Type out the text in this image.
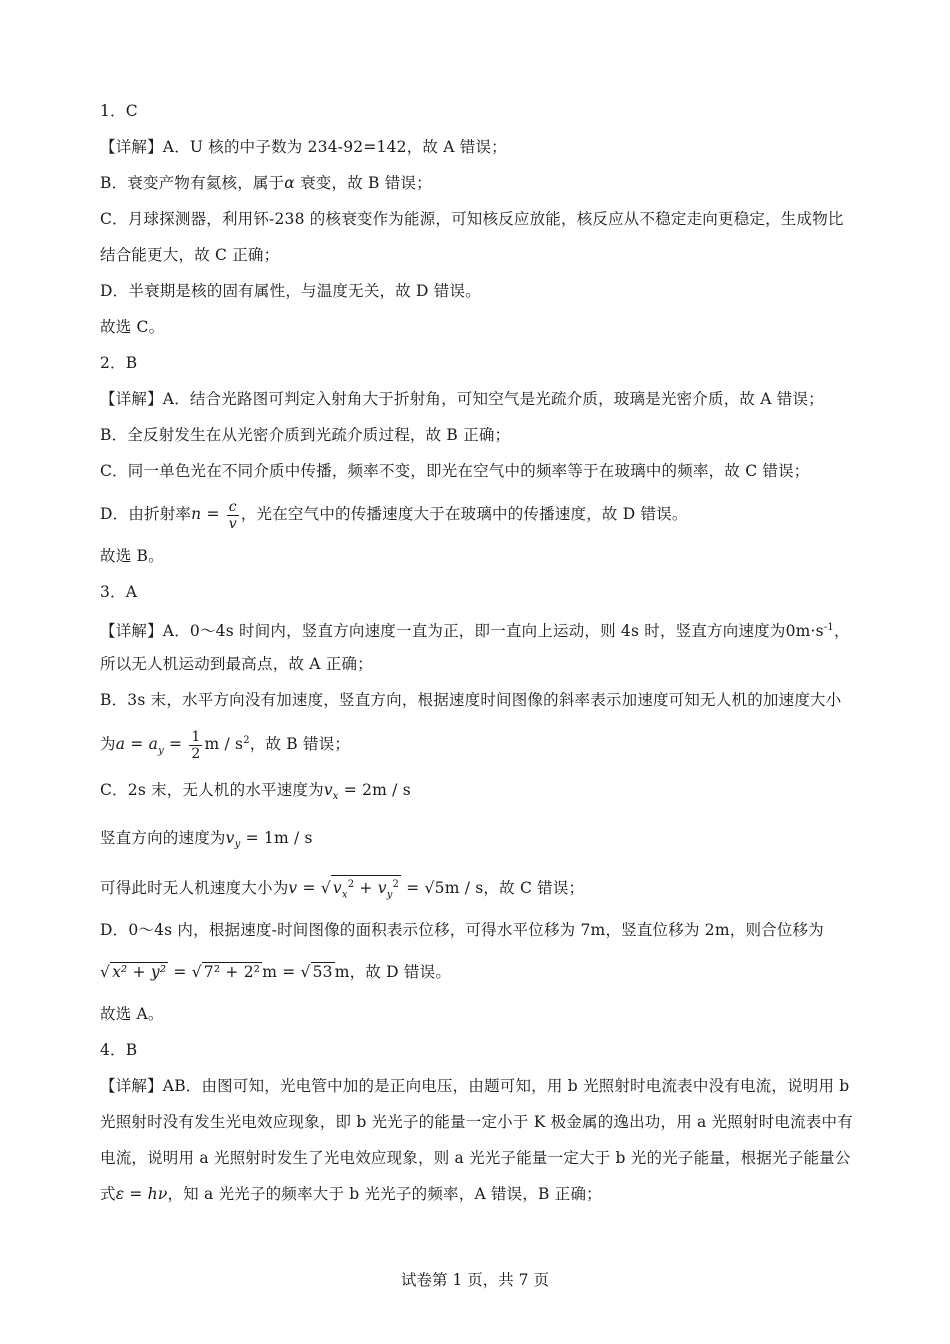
1．C
【详解】A．U 核的中子数为 234-92=142，故 A 错误；
B．衰变产物有氦核，属于α 衰变，故 B 错误；
C．月球探测器，利用钚-238 的核衰变作为能源，可知核反应放能，核反应从不稳定走向更稳定，生成物比
结合能更大，故 C 正确；
D．半衰期是核的固有属性，与温度无关，故 D 错误。
故选 C。
2．B
【详解】A．结合光路图可判定入射角大于折射角，可知空气是光疏介质，玻璃是光密介质，故 A 错误；
B．全反射发生在从光密介质到光疏介质过程，故 B 正确；
C．同一单色光在不同介质中传播，频率不变，即光在空气中的频率等于在玻璃中的频率，故 C 错误；
D．由折射率$n = \frac{c}{v}$ ，光在空气中的传播速度大于在玻璃中的传播速度，故 D 错误。
故选 B。
3．A
【详解】A．0～4s 时间内，竖直方向速度一直为正，即一直向上运动，则 4s 时，竖直方向速度为$0m\cdot s^{-1}$，
所以无人机运动到最高点，故 A 正确；
B．3s 末，水平方向没有加速度，竖直方向，根据速度时间图像的斜率表示加速度可知无人机的加速度大小
为$a = a_y = \frac{1}{2}$ m / $s^2$，故 B 错误；
C．2s 末，无人机的水平速度为$v_x = 2m / s$
竖直方向的速度为$v_y = 1m / s$
可得此时无人机速度大小为v = √ $v_x^2 + v_y^2 = √5m / s$，故 C 错误；
D．0～4s 内，根据速度-时间图像的面积表示位移，可得水平位移为 7m，竖直位移为 2m，则合位移为
√ x² + y² = √ 7² + 2² m = √ 53 m，故 D 错误。
故选 A。
4．B
【详解】AB．由图可知，光电管中加的是正向电压，由题可知，用 b 光照射时电流表中没有电流，说明用 b
光照射时没有发生光电效应现象，即 b 光光子的能量一定小于 K 极金属的逸出功，用 a 光照射时电流表中有
电流，说明用 a 光照射时发生了光电效应现象，则 a 光光子能量一定大于 b 光的光子能量，根据光子能量公
式ε = hν，知 a 光光子的频率大于 b 光光子的频率，A 错误，B 正确；
试卷第 1 页，共 7 页
